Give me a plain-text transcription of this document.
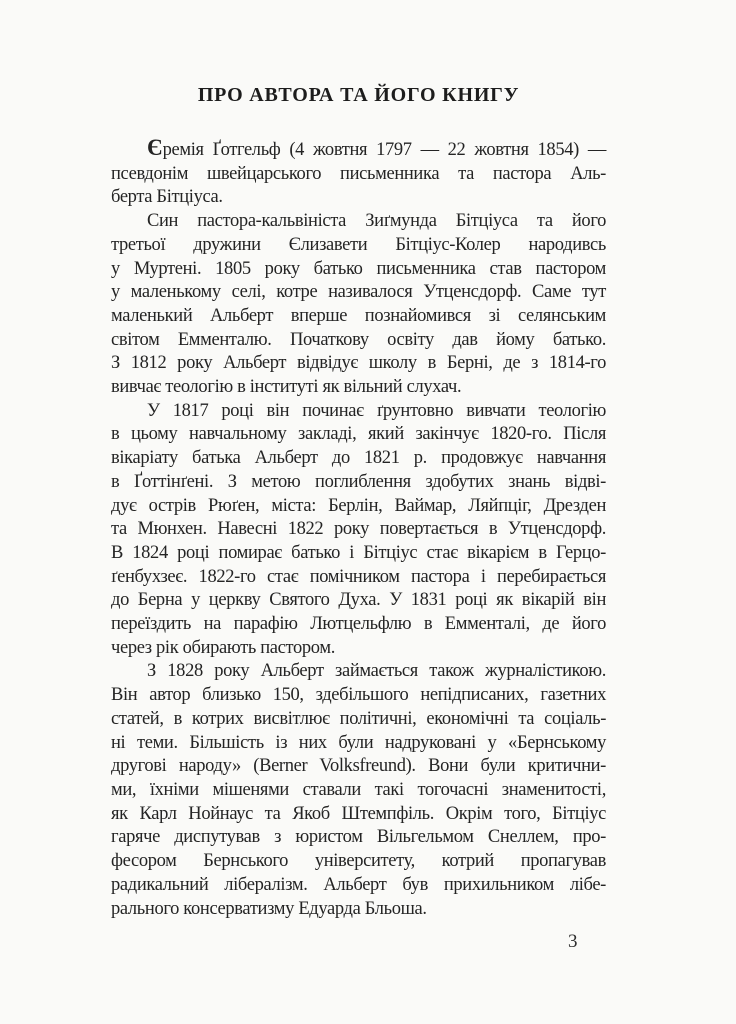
ПРО АВТОРА ТА ЙОГО КНИГУ
Єремія Ґотгельф (4 жовтня 1797 — 22 жовтня 1854) —
псевдонім швейцарського письменника та пастора Аль-
берта Бітціуса.
Син пастора-кальвініста Зиґмунда Бітціуса та його
третьої дружини Єлизавети Бітціус-Колер народивсь
у Муртені. 1805 року батько письменника став пастором
у маленькому селі, котре називалося Утценсдорф. Саме тут
маленький Альберт вперше познайомився зі селянським
світом Емменталю. Початкову освіту дав йому батько.
З 1812 року Альберт відвідує школу в Берні, де з 1814-го
вивчає теологію в інституті як вільний слухач.
У 1817 році він починає ґрунтовно вивчати теологію
в цьому навчальному закладі, який закінчує 1820-го. Після
вікаріату батька Альберт до 1821 р. продовжує навчання
в Ґоттінґені. З метою поглиблення здобутих знань відві-
дує острів Рюґен, міста: Берлін, Ваймар, Ляйпціг, Дрезден
та Мюнхен. Навесні 1822 року повертається в Утценсдорф.
В 1824 році помирає батько і Бітціус стає вікарієм в Герцо-
ґенбухзеє. 1822-го стає помічником пастора і перебирається
до Берна у церкву Святого Духа. У 1831 році як вікарій він
переїздить на парафію Лютцельфлю в Емменталі, де його
через рік обирають пастором.
З 1828 року Альберт займається також журналістикою.
Він автор близько 150, здебільшого непідписаних, газетних
статей, в котрих висвітлює політичні, економічні та соціаль-
ні теми. Більшість із них були надруковані у «Бернському
другові народу» (Berner Volksfreund). Вони були критични-
ми, їхніми мішенями ставали такі тогочасні знаменитості,
як Карл Нойнаус та Якоб Штемпфіль. Окрім того, Бітціус
гаряче диспутував з юристом Вільгельмом Снеллем, про-
фесором Бернського університету, котрий пропагував
радикальний лібералізм. Альберт був прихильником лібе-
рального консерватизму Едуарда Бльоша.
3
